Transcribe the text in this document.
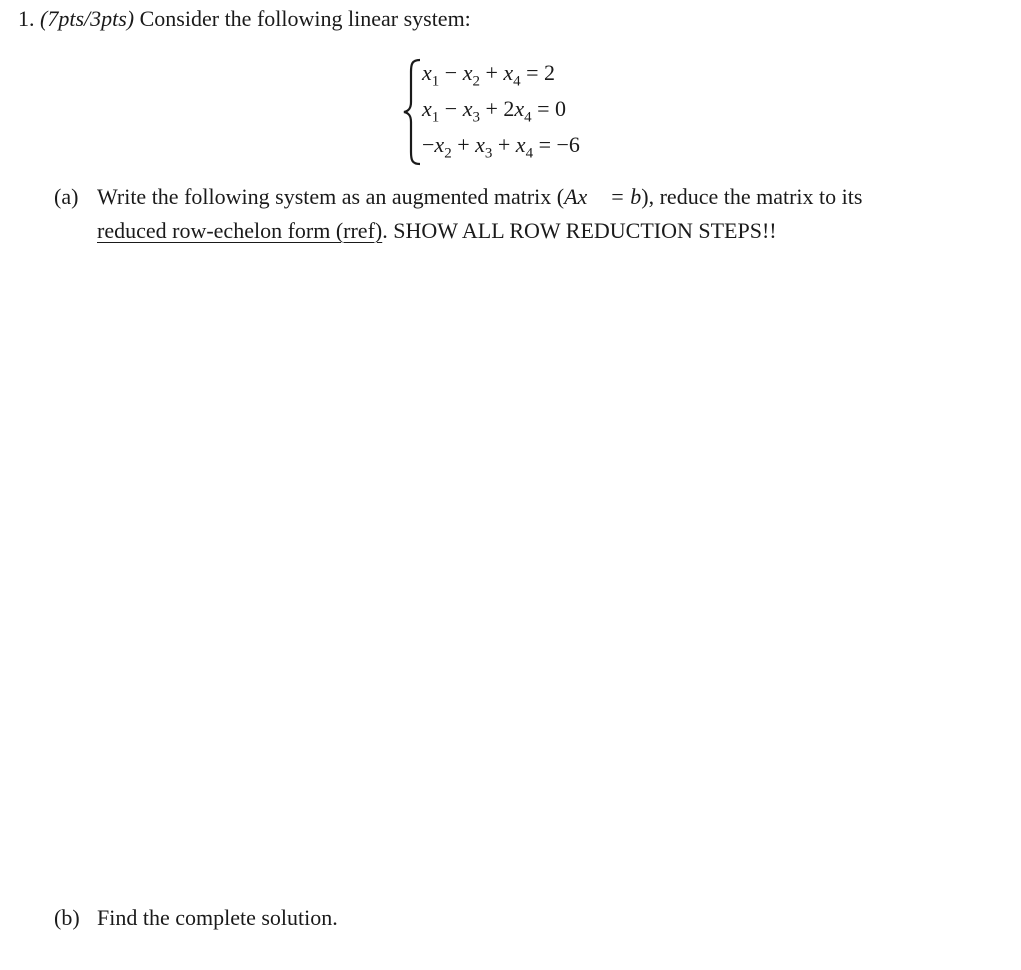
1. (7pts/3pts) Consider the following linear system:
$x_1 - x_2 + x_4 = 2$
$x_1 - x_3 + 2x_4 = 0$
$-x_2 + x_3 + x_4 = -6$
(a) Write the following system as an augmented matrix (Ax⃗ = b), reduce the matrix to its
reduced row-echelon form (rref). SHOW ALL ROW REDUCTION STEPS!!
(b) Find the complete solution.
